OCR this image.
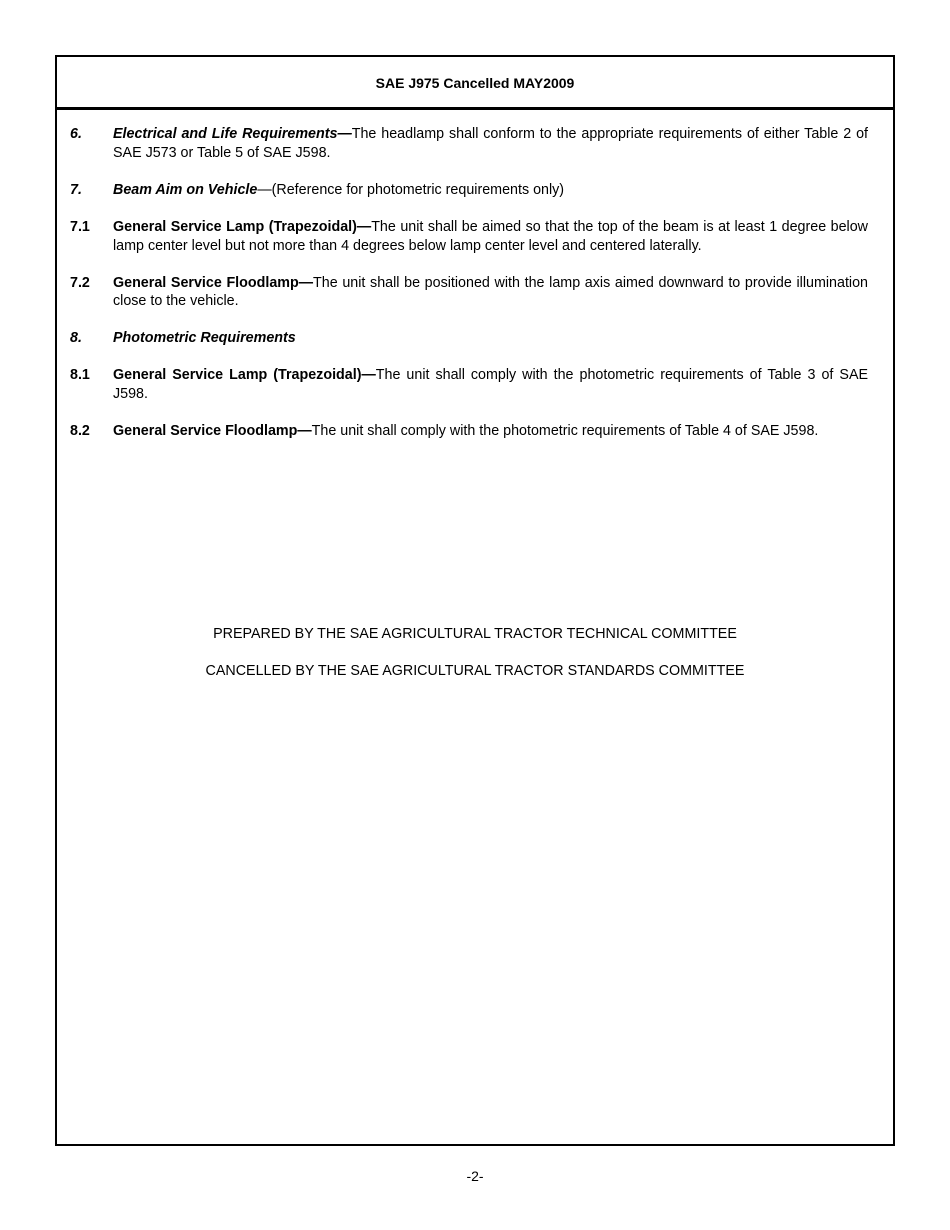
SAE J975 Cancelled MAY2009
6.	Electrical and Life Requirements—The headlamp shall conform to the appropriate requirements of either Table 2 of SAE J573 or Table 5 of SAE J598.
7.	Beam Aim on Vehicle—(Reference for photometric requirements only)
7.1	General Service Lamp (Trapezoidal)—The unit shall be aimed so that the top of the beam is at least 1 degree below lamp center level but not more than 4 degrees below lamp center level and centered laterally.
7.2	General Service Floodlamp—The unit shall be positioned with the lamp axis aimed downward to provide illumination close to the vehicle.
8.	Photometric Requirements
8.1	General Service Lamp (Trapezoidal)—The unit shall comply with the photometric requirements of Table 3 of SAE J598.
8.2	General Service Floodlamp—The unit shall comply with the photometric requirements of Table 4 of SAE J598.
PREPARED BY THE SAE AGRICULTURAL TRACTOR TECHNICAL COMMITTEE
CANCELLED BY THE SAE AGRICULTURAL TRACTOR STANDARDS COMMITTEE
-2-
